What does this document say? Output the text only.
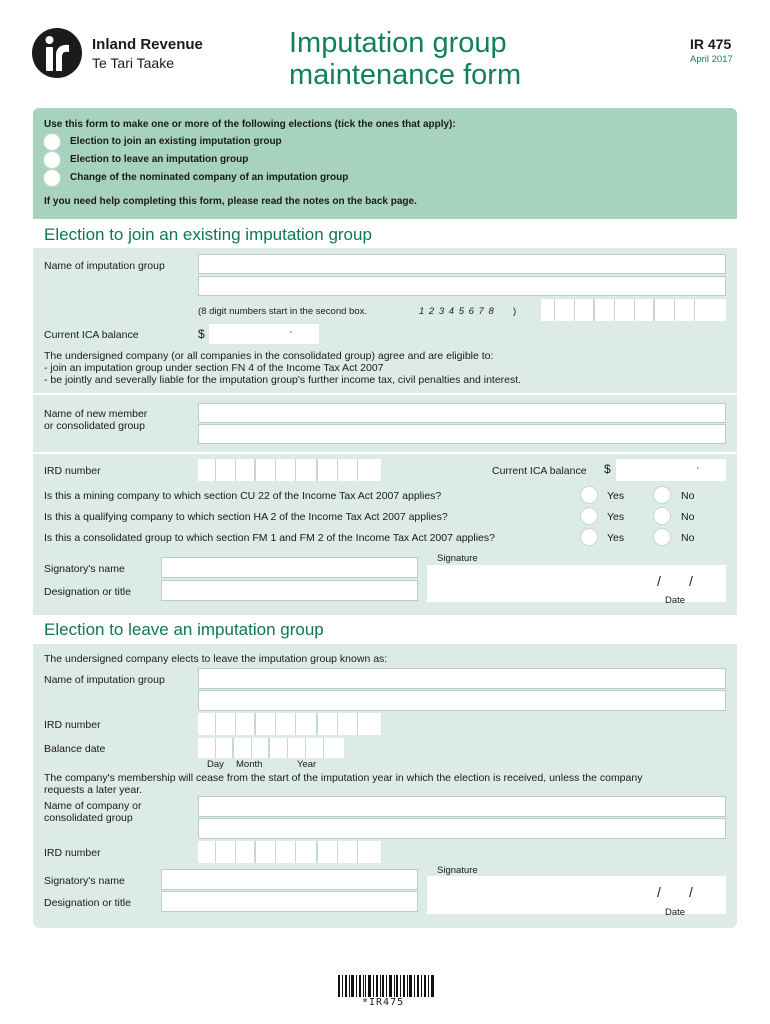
Inland Revenue
Te Tari Taake
Imputation group
maintenance form
IR 475
April 2017
Use this form to make one or more of the following elections (tick the ones that apply):
Election to join an existing imputation group
Election to leave an imputation group
Change of the nominated company of an imputation group
If you need help completing this form, please read the notes on the back page.
Election to join an existing imputation group
Name of imputation group
(8 digit numbers start in the second box.	1 2 3 4 5 6 7 8 )
Current ICA balance	$	·
The undersigned company (or all companies in the consolidated group) agree and are eligible to:
- join an imputation group under section FN 4 of the Income Tax Act 2007
- be jointly and severally liable for the imputation group's further income tax, civil penalties and interest.
Name of new member
or consolidated group
IRD number	Current ICA balance $	·
Is this a mining company to which section CU 22 of the Income Tax Act 2007 applies?	Yes	No
Is this a qualifying company to which section HA 2 of the Income Tax Act 2007 applies?	Yes	No
Is this a consolidated group to which section FM 1 and FM 2 of the Income Tax Act 2007 applies?	Yes	No
Signatory's name
Designation or title
Signature
/ /
Date
Election to leave an imputation group
The undersigned company elects to leave the imputation group known as:
Name of imputation group
IRD number
Balance date
Day Month	Year
The company's membership will cease from the start of the imputation year in which the election is received, unless the company
requests a later year.
Name of company or
consolidated group
IRD number
Signatory's name
Designation or title
Signature
/ /
Date
*IR475
